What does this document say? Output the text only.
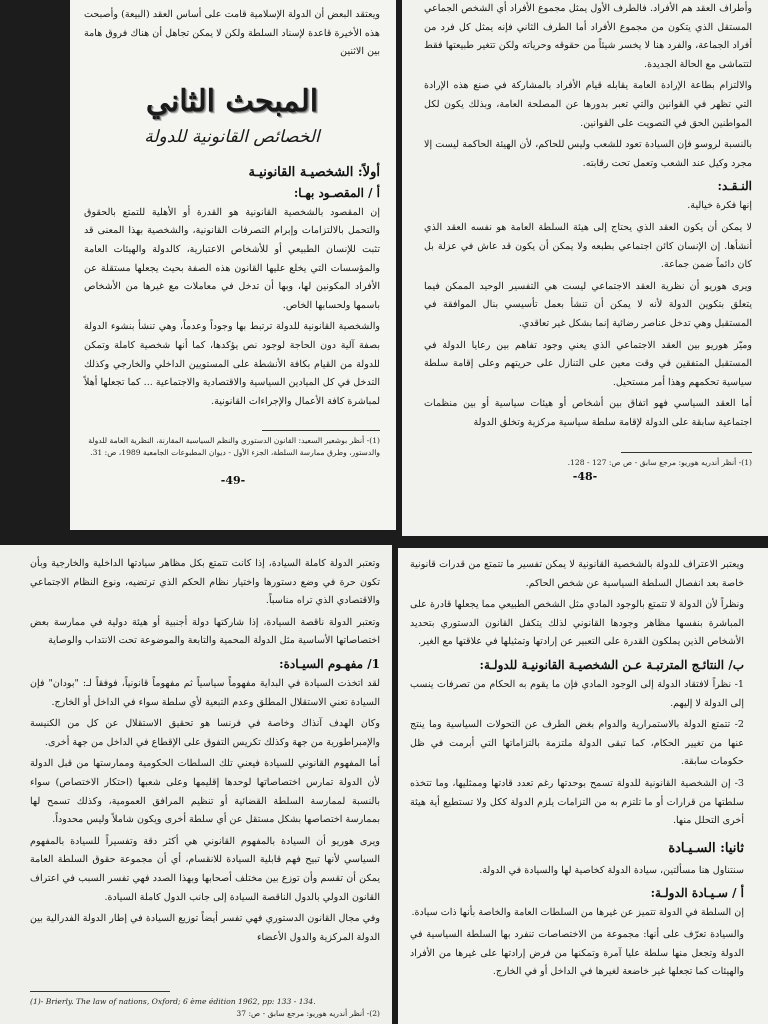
وأطراف العقد هم الأفراد. فالطرف الأول يمثل مجموع الأفراد أي الشخص الجماعي المستقل الذي يتكون من مجموع الأفراد أما الطرف الثاني فإنه يمثل كل فرد من أفراد الجماعة، والفرد هنا لا يخسر شيئاً من حقوقه وحرياته ولكن تتغير طبيعتها فقط لتتماشى مع الحالة الجديدة.

والالتزام بطاعة الإرادة العامة يقابله قيام الأفراد بالمشاركة في صنع هذه الإرادة التي تظهر في القوانين والتي تعبر بدورها عن المصلحة العامة، وبذلك يكون لكل المواطنين الحق في التصويت على القوانين.

بالنسبة لروسو فإن السيادة تعود للشعب وليس للحاكم، لأن الهيئة الحاكمة ليست إلا مجرد وكيل عند الشعب وتعمل تحت رقابته.

النـقـد:

إنها فكرة خيالية.

لا يمكن أن يكون العقد الذي يحتاج إلى هيئة السلطة العامة هو نفسه العقد الذي أنشأها. إن الإنسان كائن اجتماعي بطبعه ولا يمكن أن يكون قد عاش في عزلة بل كان دائماً ضمن جماعة.

ويرى هوريو أن نظرية العقد الاجتماعي ليست هي التفسير الوحيد الممكن فيما يتعلق بتكوين الدولة لأنه لا يمكن أن تنشأ بعمل تأسيسي بنال الموافقة في المستقبل وهي تدخل عناصر رضائية إنما بشكل غير تعاقدي.

وميّز هوريو بين العقد الاجتماعي الذي يعني وجود تفاهم بين رعايا الدولة في المستقبل المتفقين في وقت معين على التنازل على حريتهم وعلى إقامة سلطة سياسية تحكمهم وهذا أمر مستحيل.

أما العقد السياسي فهو اتفاق بين أشخاص أو هيئات سياسية أو بين منظمات اجتماعية سابقة على الدولة لإقامة سلطة سياسية مركزية وتخلق الدولة

(1)- أنظر أندريه هوريو: مرجع سابق - ص ص: 127 - 128.

-48-

ويعتقد البعض أن الدولة الإسلامية قامت على أساس العقد (البيعة) وأصبحت هذه الأخيرة قاعدة لإسناد السلطة ولكن لا يمكن تجاهل أن هناك فروق هامة بين الاثنين

المبحث الثاني
الخصائص القانونية للدولة
أولاً: الشخصيـة القانونيـة
أ / المقصـود بهـا:

إن المقصود بالشخصية القانونية هو القدرة أو الأهلية للتمتع بالحقوق والتحمل بالالتزامات وإبرام التصرفات القانونية، والشخصية بهذا المعنى قد تثبت للإنسان الطبيعي أو للأشخاص الاعتبارية، كالدولة والهيئات العامة والمؤسسات التي يخلع عليها القانون هذه الصفة بحيث يجعلها مستقلة عن الأفراد المكونين لها، وبها أن تدخل في معاملات مع غيرها من الأشخاص باسمها ولحسابها الخاص.

والشخصية القانونية للدولة ترتبط بها وجوداً وعدماً، وهي تنشأ بنشوء الدولة بصفة آلية دون الحاجة لوجود نص يؤكدها، كما أنها شخصية كاملة وتمكن للدولة من القيام بكافة الأنشطة على المستويين الداخلي والخارجي وكذلك التدخل في كل الميادين السياسية والاقتصادية والاجتماعية ... كما تجعلها أهلاً لمباشرة كافة الأعمال والإجراءات القانونية.

(1)- أنظر بوشعير السعيد: القانون الدستوري والنظم السياسية المقارنة، النظرية العامة للدولة والدستور، وطرق ممارسة السلطة، الجزء الأول - ديوان المطبوعات الجامعية 1989، ص: 31.

-49-

ويعتبر الاعتراف للدولة بالشخصية القانونية لا يمكن تفسير ما تتمتع من قدرات قانونية خاصة بعد انفصال السلطة السياسية عن شخص الحاكم.

ونظراً لأن الدولة لا تتمتع بالوجود المادي مثل الشخص الطبيعي مما يجعلها قادرة على المباشرة بنفسها مظاهر وجودها القانوني لذلك يتكفل القانون الدستوري بتحديد الأشخاص الذين يملكون القدرة على التعبير عن إرادتها وتمثيلها في علاقتها مع الغير.

ب/ النتائـج المترتبـة عـن الشخصيـة القانونيـة للدولـة:

1- نظراً لافتقاد الدولة إلى الوجود المادي فإن ما يقوم به الحكام من تصرفات ينسب إلى الدولة لا إليهم.

2- تتمتع الدولة بالاستمرارية والدوام بغض الطرف عن التحولات السياسية وما ينتج عنها من تغيير الحكام، كما تبقى الدولة ملتزمة بالتزاماتها التي أبرمت في ظل حكومات سابقة.

3- إن الشخصية القانونية للدولة تسمح بوحدتها رغم تعدد قادتها وممثليها، وما تتخذه سلطتها من قرارات أو ما تلتزم به من التزامات يلزم الدولة ككل ولا تستطيع أية هيئة أخرى التحلل منها.

ثانيا: السـيـادة

سنتناول هنا مسألتين، سيادة الدولة كخاصية لها والسيادة في الدولة.

أ / سـيـادة الدولـة:

إن السلطة في الدولة تتميز عن غيرها من السلطات العامة والخاصة بأنها ذات سيادة.

والسيادة تعرّف على أنها: مجموعة من الاختصاصات تنفرد بها السلطة السياسية في الدولة وتجعل منها سلطة عليا آمرة وتمكنها من فرض إرادتها على غيرها من الأفراد والهيئات كما تجعلها غير خاضعة لغيرها في الداخل أو في الخارج.

وتعتبر الدولة كاملة السيادة، إذا كانت تتمتع بكل مظاهر سيادتها الداخلية والخارجية وبأن تكون حرة في وضع دستورها واختيار نظام الحكم الذي ترتضيه، ونوع النظام الاجتماعي والاقتصادي الذي تراه مناسباً.

وتعتبر الدولة ناقصة السيادة، إذا شاركتها دولة أجنبية أو هيئة دولية في ممارسة بعض اختصاصاتها الأساسية مثل الدولة المحمية والتابعة والموضوعة تحت الانتداب والوصاية

1/ مفهـوم السيـادة:

لقد اتخذت السيادة في البداية مفهوماً سياسياً ثم مفهوماً قانونياً، فوفقاً لـ: "بودان" فإن السيادة تعني الاستقلال المطلق وعدم التبعية لأي سلطة سواء في الداخل أو الخارج.

وكان الهدف آنذاك وخاصة في فرنسا هو تحقيق الاستقلال عن كل من الكنيسة والإمبراطورية من جهة وكذلك تكريس التفوق على الإقطاع في الداخل من جهة أخرى.

أما المفهوم القانوني للسيادة فيعني تلك السلطات الحكومية وممارستها من قبل الدولة لأن الدولة تمارس اختصاصاتها لوحدها إقليمها وعلى شعبها (احتكار الاختصاص) سواء بالنسبة لممارسة السلطة القضائية أو تنظيم المرافق العمومية، وكذلك تسمح لها بممارسة اختصاصها بشكل مستقل عن أي سلطة أخرى ويكون شاملاً وليس محدوداً.

ويرى هوريو أن السيادة بالمفهوم القانوني هي أكثر دقة وتفسيراً للسيادة بالمفهوم السياسي لأنها تبيح فهم قابلية السيادة للانقسام، أي أن مجموعة حقوق السلطة العامة يمكن أن تقسم وأن توزع بين مختلف أصحابها وبهذا الصدد فهي تفسر السبب في اعتراف القانون الدولي بالدول الناقصة السيادة إلى جانب الدول كاملة السيادة.

وفي مجال القانون الدستوري فهي تفسر أيضاً توزيع السيادة في إطار الدولة الفدرالية بين الدولة المركزية والدول الأعضاء

(1)- Brierly. The law of nations, Oxford; 6 ème édition 1962, pp: 133 - 134.

(2)- أنظر أندريه هوريو: مرجع سابق - ص: 37
